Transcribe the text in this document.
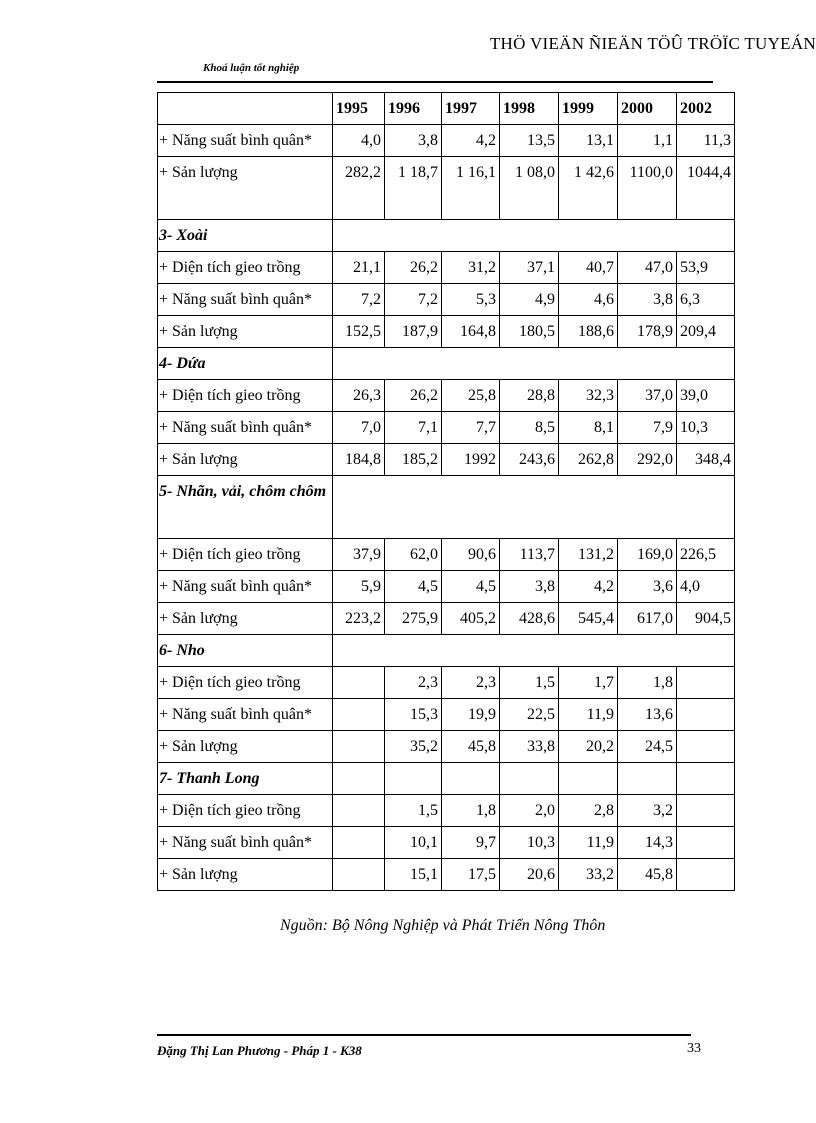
THÖ VIEÄN ÑIEÄN TÖÛ TRÖÏC TUYEÁN
Khoá luận tốt nghiệp
	1995	1996	1997	1998	1999	2000	2002
+ Năng suất bình quân*	4,0	3,8	4,2	13,5	13,1	1,1	11,3
+ Sản lượng	282,2	1 18,7	1 16,1	1 08,0	1 42,6	1100,0	1044,4
3- Xoài							
+ Diện tích gieo trồng	21,1	26,2	31,2	37,1	40,7	47,0	53,9
+ Năng suất bình quân*	7,2	7,2	5,3	4,9	4,6	3,8	6,3
+ Sản lượng	152,5	187,9	164,8	180,5	188,6	178,9	209,4
4- Dứa							
+ Diện tích gieo trồng	26,3	26,2	25,8	28,8	32,3	37,0	39,0
+ Năng suất bình quân*	7,0	7,1	7,7	8,5	8,1	7,9	10,3
+ Sản lượng	184,8	185,2	1992	243,6	262,8	292,0	348,4
5- Nhãn, vải, chôm chôm							
+ Diện tích gieo trồng	37,9	62,0	90,6	113,7	131,2	169,0	226,5
+ Năng suất bình quân*	5,9	4,5	4,5	3,8	4,2	3,6	4,0
+ Sản lượng	223,2	275,9	405,2	428,6	545,4	617,0	904,5
6- Nho							
+ Diện tích gieo trồng		2,3	2,3	1,5	1,7	1,8	
+ Năng suất bình quân*		15,3	19,9	22,5	11,9	13,6	
+ Sản lượng		35,2	45,8	33,8	20,2	24,5	
7- Thanh Long							
+ Diện tích gieo trồng		1,5	1,8	2,0	2,8	3,2	
+ Năng suất bình quân*		10,1	9,7	10,3	11,9	14,3	
+ Sản lượng		15,1	17,5	20,6	33,2	45,8	
Nguồn: Bộ Nông Nghiệp và Phát Triển Nông Thôn
Đặng Thị Lan Phương - Pháp 1 - K38	33
